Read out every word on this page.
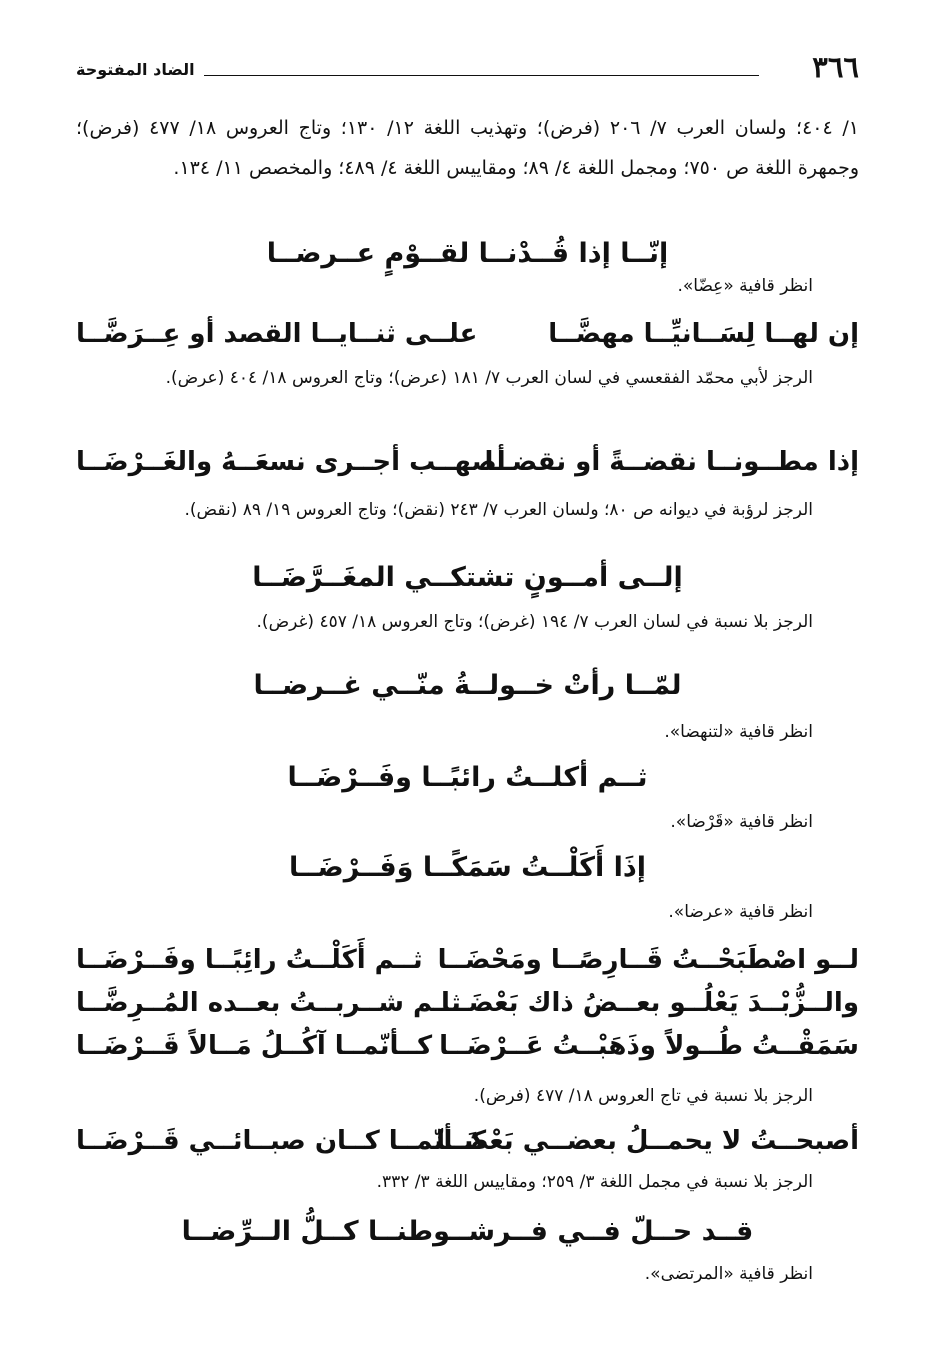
٣٦٦
الضاد المفتوحة

١/ ٤٠٤؛ ولسان العرب ٧/ ٢٠٦ (فرض)؛ وتهذيب اللغة ١٢/ ١٣٠؛ وتاج العروس ١٨/ ٤٧٧ (فرض)؛ وجمهرة اللغة ص ٧٥٠؛ ومجمل اللغة ٤/ ٨٩؛ ومقاييس اللغة ٤/ ٤٨٩؛ والمخصص ١١/ ١٣٤.

إنّــا إذا قُــدْنــا لقــوْمٍ عــرضــا
انظر قافية «عِضّا».
إن لهــا لِسَــانيِّــا مهضَّــا
علــى ثنــايــا القصد أو عِــرَضَّــا

الرجز لأبي محمّد الفقعسي في لسان العرب ٧/ ١٨١ (عرض)؛ وتاج العروس ١٨/ ٤٠٤ (عرض).

إذا مطــونــا نقضــةً أو نقضــا
أصهــب أجــرى نسعَــهُ والغَــرْضَــا

الرجز لرؤبة في ديوانه ص ٨٠؛ ولسان العرب ٧/ ٢٤٣ (نقض)؛ وتاج العروس ١٩/ ٨٩ (نقض).

إلــى أمــونٍ تشتكــي المغَــرَّضَــا

الرجز بلا نسبة في لسان العرب ٧/ ١٩٤ (غرض)؛ وتاج العروس ١٨/ ٤٥٧ (غرض).

لمّــا رأتْ خــولــةُ منّــي غــرضــا
انظر قافية «لتنهضا».
ثــم أكلــتُ رائبًــا وفَــرْضَــا
انظر قافية «قَرْضا».
إذَا أَكَلْــتُ سَمَكًــا وَفَــرْضَــا
انظر قافية «عرضا».
لــو اصْطَبَحْــتُ قَــارِصًــا ومَحْضَــا
ثــم أَكَلْــتُ رائِبًــا وفَــرْضَــا
والــزُّبْــدَ يَعْلُــو بعــضُ ذاك بَعْضَــا
ثــم شــربــتُ بعــده المُــرِضَّــا
سَمَقْــتُ طُــولاً وذَهَبْــتُ عَــرْضَــا
كــأنّمــا آكُــلُ مَــالاً قَــرْضَــا
الرجز بلا نسبة في تاج العروس ١٨/ ٤٧٧ (فرض).
أصبحــتُ لا يحمــلُ بعضــي بَعْضَــا
كــأنّمــا كــان صبــائــي قَــرْضَــا
الرجز بلا نسبة في مجمل اللغة ٣/ ٢٥٩؛ ومقاييس اللغة ٣/ ٣٣٢.
قــد حــلّ فــي فــرشــوطنــا كــلُّ الــرِّضــا
انظر قافية «المرتضى».
